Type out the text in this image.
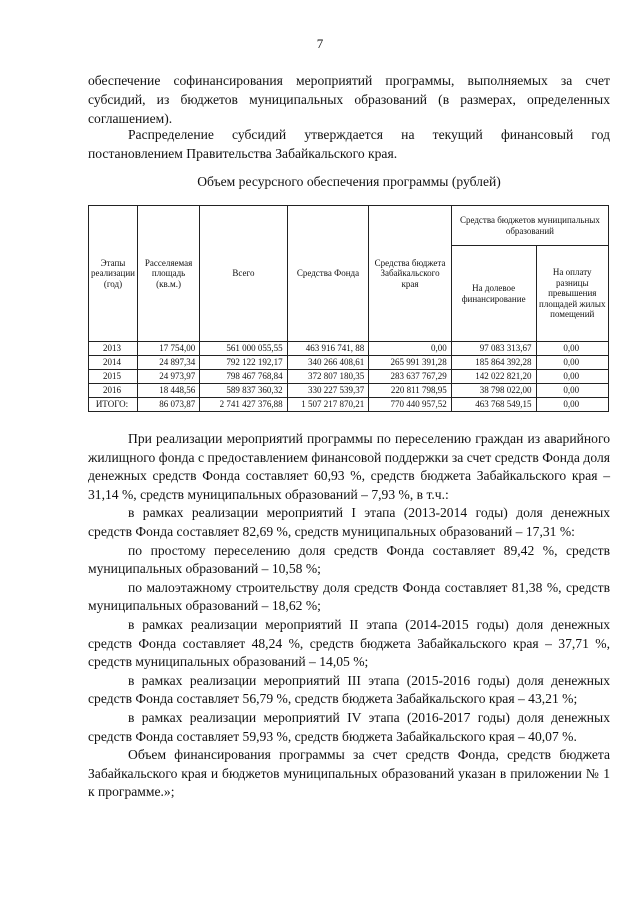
7

обеспечение софинансирования мероприятий программы, выполняемых за счет субсидий, из бюджетов муниципальных образований (в размерах, определенных соглашением).

Распределение субсидий утверждается на текущий финансовый год постановлением Правительства Забайкальского края.

Объем ресурсного обеспечения программы (рублей)
Этапы реализации (год)	Расселяемая площадь (кв.м.)	Всего	Средства Фонда	Средства бюджета Забайкальского края	Средства бюджетов муниципальных образований	
					На долевое финансирование	На оплату разницы превышения площадей жилых помещений
2013	17 754,00	561 000 055,55	463 916 741, 88	0,00	97 083 313,67	0,00
2014	24 897,34	792 122 192,17	340 266 408,61	265 991 391,28	185 864 392,28	0,00
2015	24 973,97	798 467 768,84	372 807 180,35	283 637 767,29	142 022 821,20	0,00
2016	18 448,56	589 837 360,32	330 227 539,37	220 811 798,95	38 798 022,00	0,00
ИТОГО:	86 073,87	2 741 427 376,88	1 507 217 870,21	770 440 957,52	463 768 549,15	0,00

При реализации мероприятий программы по переселению граждан из аварийного жилищного фонда с предоставлением финансовой поддержки за счет средств Фонда доля денежных средств Фонда составляет 60,93 %, средств бюджета Забайкальского края – 31,14 %, средств муниципальных образований – 7,93 %, в т.ч.:

в рамках реализации мероприятий I этапа (2013-2014 годы) доля денежных средств Фонда составляет 82,69 %, средств муниципальных образований – 17,31 %:

по простому переселению доля средств Фонда составляет 89,42 %, средств муниципальных образований – 10,58 %;

по малоэтажному строительству доля средств Фонда составляет 81,38 %, средств муниципальных образований – 18,62 %;

в рамках реализации мероприятий II этапа (2014-2015 годы) доля денежных средств Фонда составляет 48,24 %, средств бюджета Забайкальского края – 37,71 %, средств муниципальных образований – 14,05 %;

в рамках реализации мероприятий III этапа (2015-2016 годы) доля денежных средств Фонда составляет 56,79 %, средств бюджета Забайкальского края – 43,21 %;

в рамках реализации мероприятий IV этапа (2016-2017 годы) доля денежных средств Фонда составляет 59,93 %, средств бюджета Забайкальского края – 40,07 %.

Объем финансирования программы за счет средств Фонда, средств бюджета Забайкальского края и бюджетов муниципальных образований указан в приложении № 1 к программе.»;
